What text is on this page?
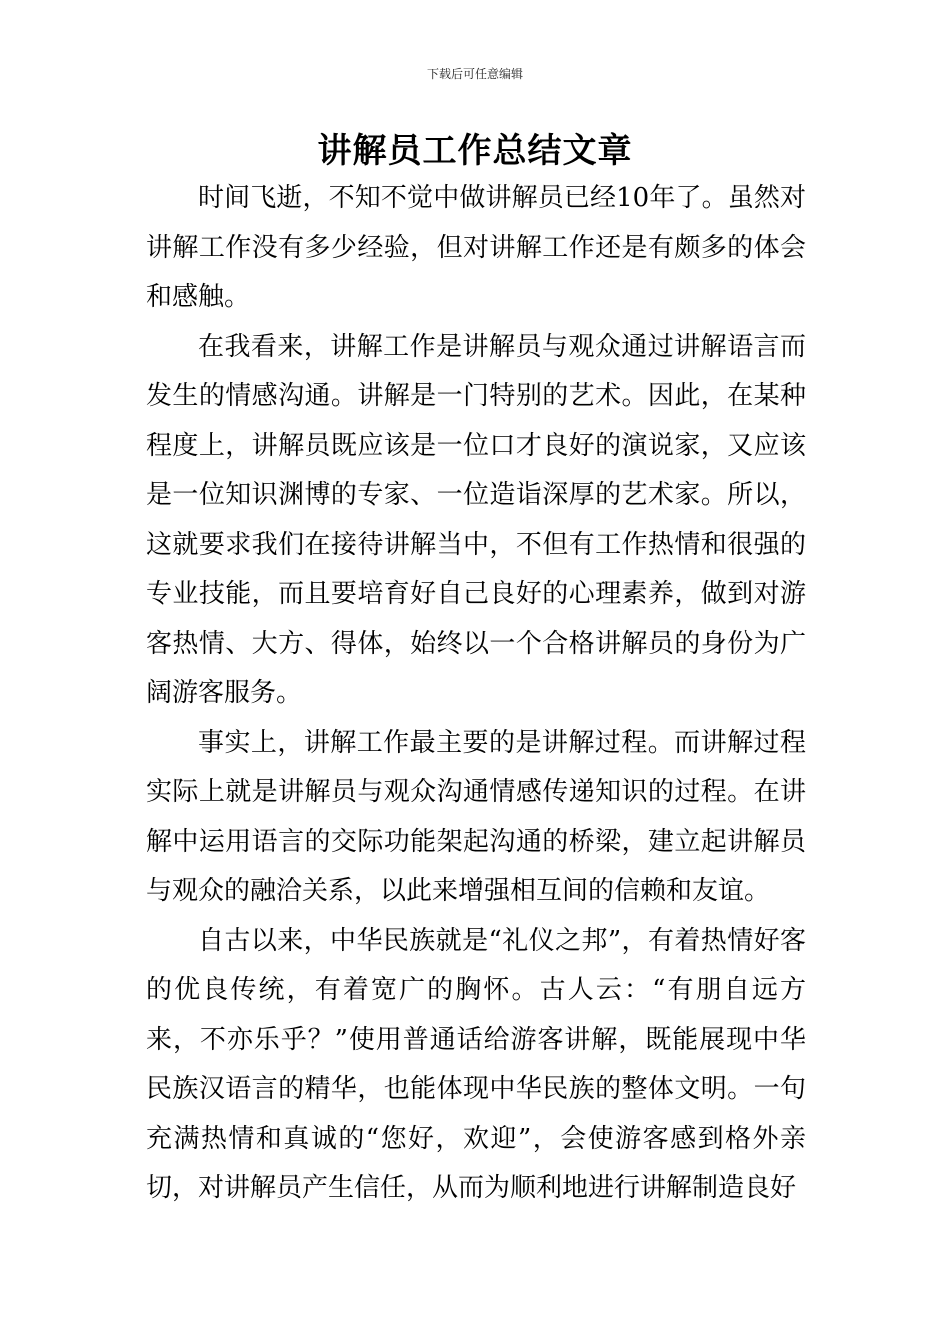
下载后可任意编辑
讲解员工作总结文章

时间飞逝，不知不觉中做讲解员已经10年了。虽然对讲解工作没有多少经验，但对讲解工作还是有颇多的体会和感触。

在我看来，讲解工作是讲解员与观众通过讲解语言而发生的情感沟通。讲解是一门特别的艺术。因此，在某种程度上，讲解员既应该是一位口才良好的演说家，又应该是一位知识渊博的专家、一位造诣深厚的艺术家。所以，这就要求我们在接待讲解当中，不但有工作热情和很强的专业技能，而且要培育好自己良好的心理素养，做到对游客热情、大方、得体，始终以一个合格讲解员的身份为广阔游客服务。

事实上，讲解工作最主要的是讲解过程。而讲解过程实际上就是讲解员与观众沟通情感传递知识的过程。在讲解中运用语言的交际功能架起沟通的桥梁，建立起讲解员与观众的融洽关系，以此来增强相互间的信赖和友谊。

自古以来，中华民族就是“礼仪之邦”，有着热情好客的优良传统，有着宽广的胸怀。古人云：“有朋自远方来，不亦乐乎？”使用普通话给游客讲解，既能展现中华民族汉语言的精华，也能体现中华民族的整体文明。一句充满热情和真诚的“您好，欢迎”，会使游客感到格外亲切，对讲解员产生信任，从而为顺利地进行讲解制造良好
